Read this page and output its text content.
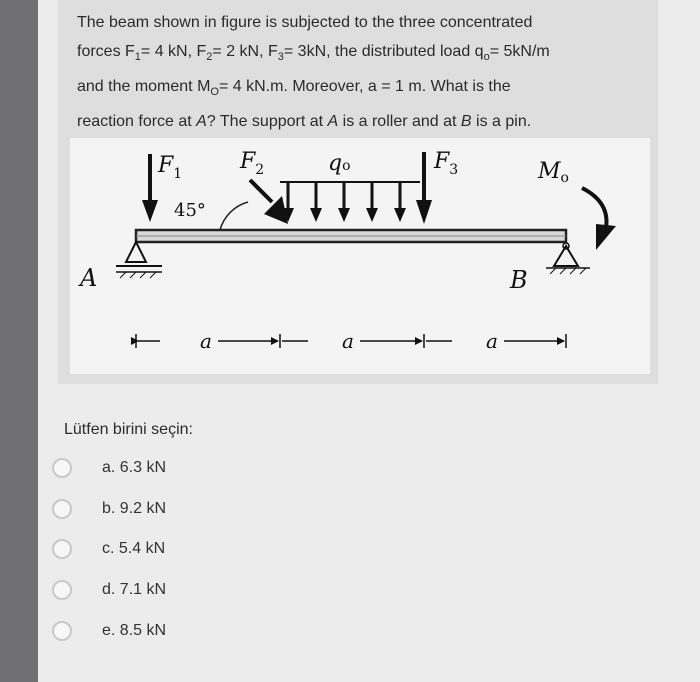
The beam shown in figure is subjected to the three concentrated
forces $F_1= 4$ kN, $F_2= 2$ kN, $F_3= 3kN$, the distributed load $q_o= 5kN/m$
and the moment $M_O= 4$ kN.m. Moreover, a = 1 m. What is the
reaction force at A? The support at A is a roller and at B is a pin.
$F_1$
45°
$F_2$	qo	$F_3$	Mo
A	B
a	a	a
Lütfen birini seçin:
a. 6.3 kN
b. 9.2 kN
c. 5.4 kN
d. 7.1 kN
e. 8.5 kN
